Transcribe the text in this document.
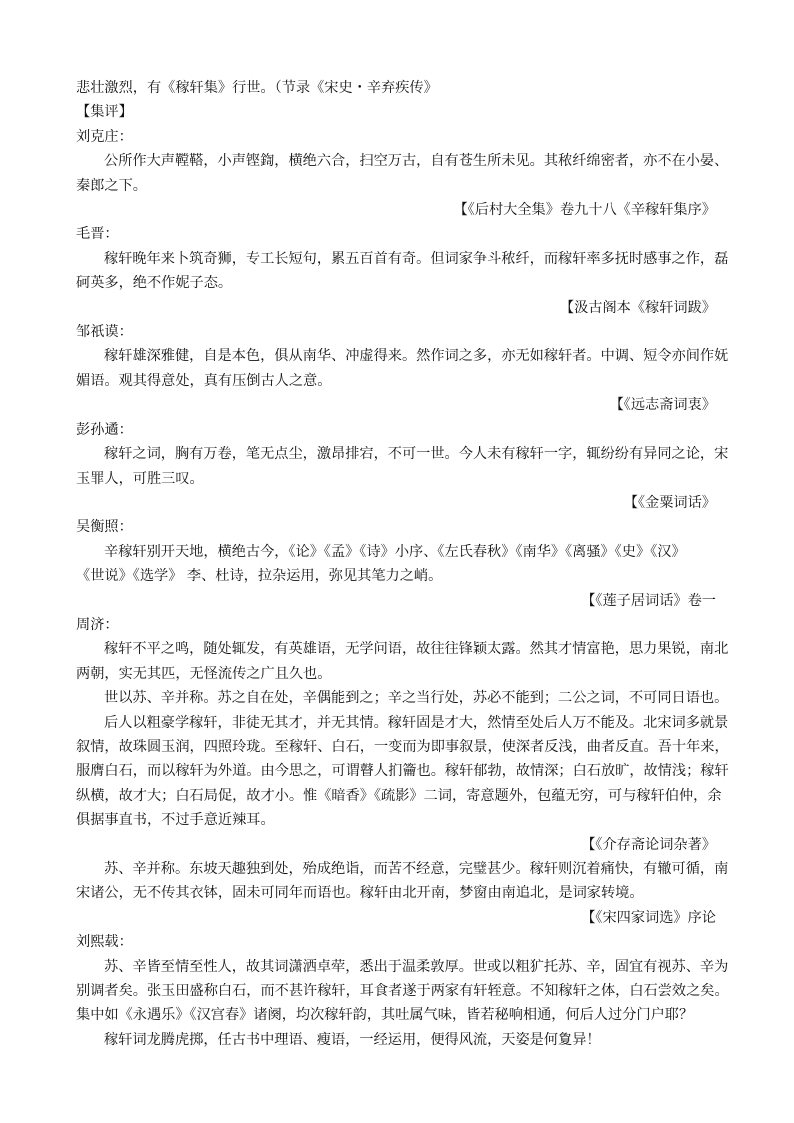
悲壮激烈，有《稼轩集》行世。（节录《宋史・辛弃疾传》
【集评】
刘克庄：
公所作大声鞺鞳，小声铿鍧，横绝六合，扫空万古，自有苍生所未见。其秾纤绵密者，亦不在小晏、
秦郎之下。
【《后村大全集》卷九十八《辛稼轩集序》
毛晋：
稼轩晚年来卜筑奇狮，专工长短句，累五百首有奇。但词家争斗秾纤，而稼轩率多抚时感事之作，磊
砢英多，绝不作妮子态。
【汲古阁本《稼轩词跋》
邹祇谟：
稼轩雄深雅健，自是本色，俱从南华、冲虚得来。然作词之多，亦无如稼轩者。中调、短令亦间作妩
媚语。观其得意处，真有压倒古人之意。
【《远志斋词衷》
彭孙遹：
稼轩之词，胸有万卷，笔无点尘，激昂排宕，不可一世。今人未有稼轩一字，辄纷纷有异同之论，宋
玉罪人，可胜三叹。
【《金粟词话》
吴衡照：
辛稼轩别开天地，横绝古今，《论》《孟》《诗》小序、《左氏春秋》《南华》《离骚》《史》《汉》
《世说》《选学》 李、杜诗，拉杂运用，弥见其笔力之峭。
【《莲子居词话》卷一
周济：
稼轩不平之鸣，随处辄发，有英雄语，无学问语，故往往锋颖太露。然其才情富艳，思力果锐，南北
两朝，实无其匹，无怪流传之广且久也。
世以苏、辛并称。苏之自在处，辛偶能到之；辛之当行处，苏必不能到；二公之词，不可同日语也。
后人以粗豪学稼轩，非徒无其才，并无其情。稼轩固是才大，然情至处后人万不能及。北宋词多就景
叙情，故珠圆玉润，四照玲珑。至稼轩、白石，一变而为即事叙景，使深者反浅，曲者反直。吾十年来，
服膺白石，而以稼轩为外道。由今思之，可谓瞽人扪籥也。稼轩郁勃，故情深；白石放旷，故情浅；稼轩
纵横，故才大；白石局促，故才小。惟《暗香》《疏影》二词，寄意题外，包蕴无穷，可与稼轩伯仲，余
俱据事直书，不过手意近辣耳。
【《介存斋论词杂著》
苏、辛并称。东坡天趣独到处，殆成绝诣，而苦不经意，完璧甚少。稼轩则沉着痛快，有辙可循，南
宋诸公，无不传其衣钵，固未可同年而语也。稼轩由北开南，梦窗由南追北，是词家转境。
【《宋四家词选》序论
刘熙载：
苏、辛皆至情至性人，故其词潇洒卓荦，悉出于温柔敦厚。世或以粗犷托苏、辛，固宜有视苏、辛为
别调者矣。张玉田盛称白石，而不甚许稼轩，耳食者遂于两家有轩轾意。不知稼轩之体，白石尝效之矣。
集中如《永遇乐》《汉宫春》诸阕，均次稼轩韵，其吐属气味，皆若秘响相通，何后人过分门户耶？
稼轩词龙腾虎掷，任古书中理语、瘦语，一经运用，便得风流，天姿是何夐异！
